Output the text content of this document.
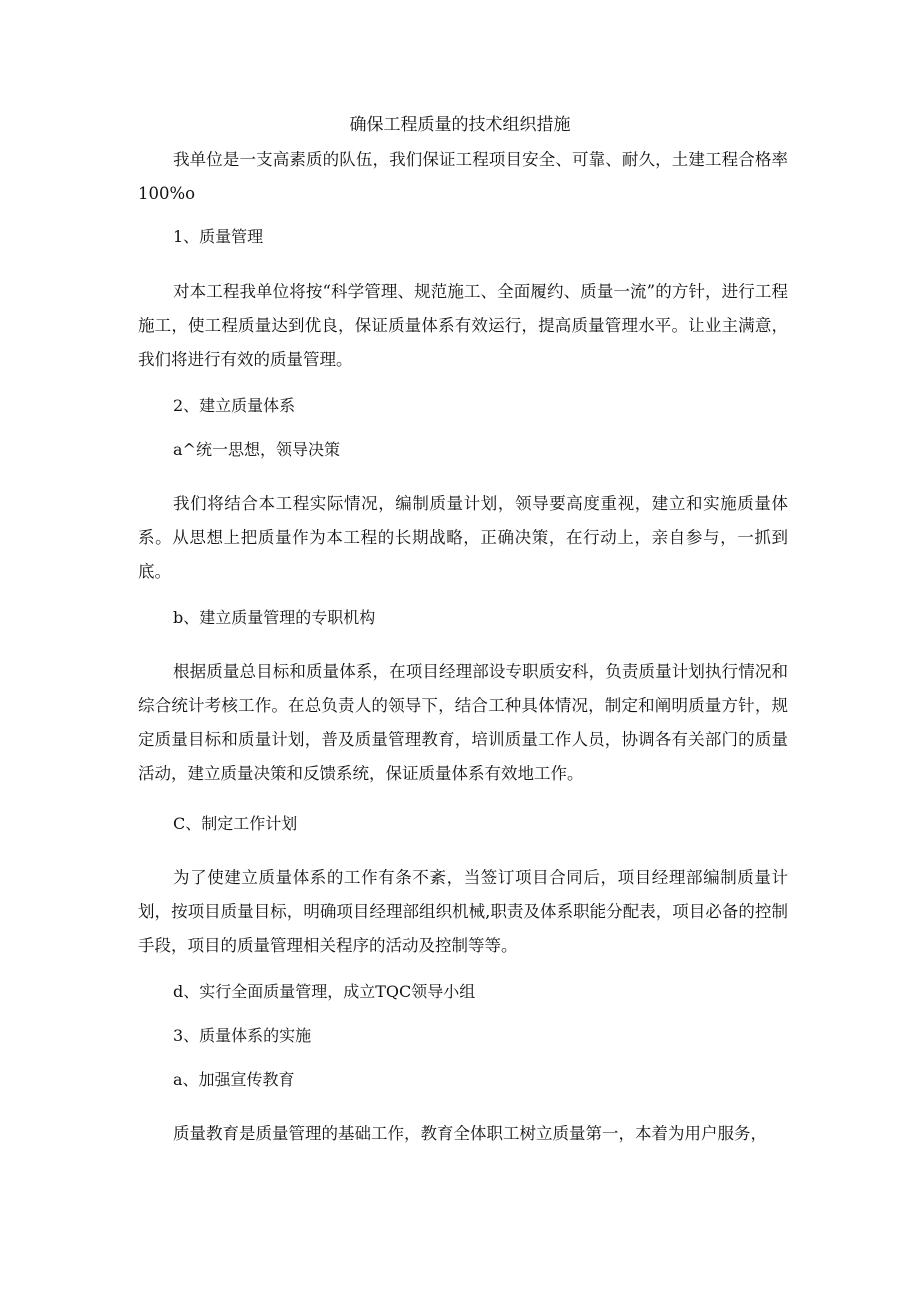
确保工程质量的技术组织措施

我单位是一支高素质的队伍，我们保证工程项目安全、可靠、耐久，土建工程合格率100%o

1、质量管理

对本工程我单位将按“科学管理、规范施工、全面履约、质量一流”的方针，进行工程施工，使工程质量达到优良，保证质量体系有效运行，提高质量管理水平。让业主满意，我们将进行有效的质量管理。

2、建立质量体系
a^统一思想，领导决策

我们将结合本工程实际情况，编制质量计划，领导要高度重视，建立和实施质量体系。从思想上把质量作为本工程的长期战略，正确决策，在行动上，亲自参与，一抓到底。

b、建立质量管理的专职机构

根据质量总目标和质量体系，在项目经理部设专职质安科，负责质量计划执行情况和综合统计考核工作。在总负责人的领导下，结合工种具体情况，制定和阐明质量方针，规定质量目标和质量计划，普及质量管理教育，培训质量工作人员，协调各有关部门的质量活动，建立质量决策和反馈系统，保证质量体系有效地工作。

C、制定工作计划

为了使建立质量体系的工作有条不紊，当签订项目合同后，项目经理部编制质量计划，按项目质量目标，明确项目经理部组织机械,职责及体系职能分配表，项目必备的控制手段，项目的质量管理相关程序的活动及控制等等。

d、实行全面质量管理，成立TQC领导小组
3、质量体系的实施
a、加强宣传教育

质量教育是质量管理的基础工作，教育全体职工树立质量第一，本着为用户服务，
